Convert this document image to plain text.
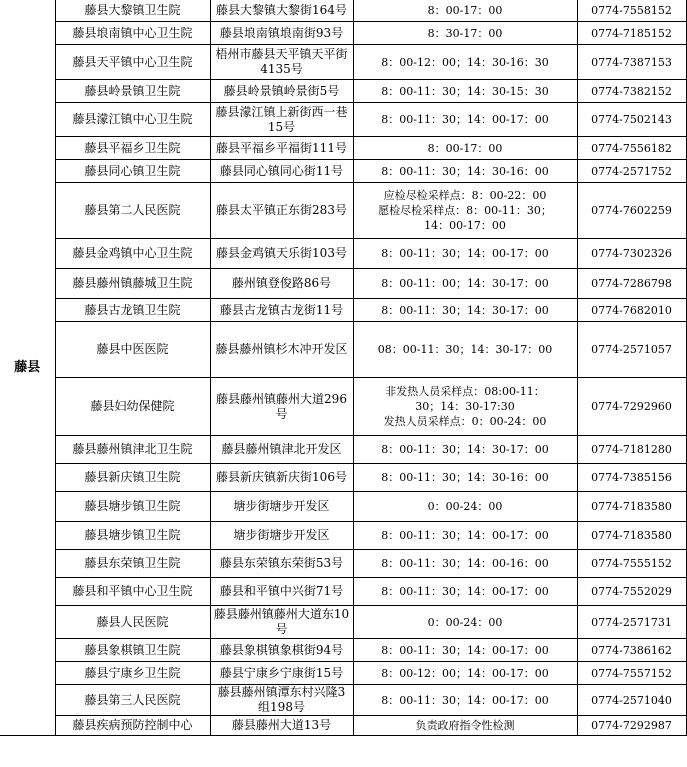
藤县	藤县大黎镇卫生院	藤县大黎镇大黎街164号	8：00-17：00	0774-7558152
	藤县埌南镇中心卫生院	藤县埌南镇埌南街93号	8：30-17：00	0774-7185152
	藤县天平镇中心卫生院	梧州市藤县天平镇天平街4135号	8：00-12：00；14：30-16：30	0774-7387153
	藤县岭景镇卫生院	藤县岭景镇岭景街5号	8：00-11：30；14：30-15：30	0774-7382152
	藤县濛江镇中心卫生院	藤县濛江镇上新街西一巷15号	8：00-11：30；14：00-17：00	0774-7502143
	藤县平福乡卫生院	藤县平福乡平福街111号	8：00-17：00	0774-7556182
	藤县同心镇卫生院	藤县同心镇同心街11号	8：00-11：30；14：30-16：00	0774-2571752
	藤县第二人民医院	藤县太平镇正东街283号	应检尽检采样点：8：00-22：00
愿检尽检采样点：8：00-11：30；
14：00-17：00	0774-7602259
	藤县金鸡镇中心卫生院	藤县金鸡镇天乐街103号	8：00-11：30；14：00-17：00	0774-7302326
	藤县藤州镇藤城卫生院	藤州镇登俊路86号	8：00-11：00；14：30-17：00	0774-7286798
	藤县古龙镇卫生院	藤县古龙镇古龙街11号	8：00-11：30；14：30-17：00	0774-7682010
	藤县中医医院	藤县藤州镇杉木冲开发区	08：00-11：30；14：30-17：00	0774-2571057
	藤县妇幼保健院	藤县藤州镇藤州大道296号	非发热人员采样点：08:00-11：
30；14：30-17:30
发热人员采样点：0：00-24：00	0774-7292960
	藤县藤州镇津北卫生院	藤县藤州镇津北开发区	8：00-11：30；14：30-17：00	0774-7181280
	藤县新庆镇卫生院	藤县新庆镇新庆街106号	8：00-11：30；14：30-16：00	0774-7385156
	藤县塘步镇卫生院	塘步街塘步开发区	0：00-24：00	0774-7183580
	藤县塘步镇卫生院	塘步街塘步开发区	8：00-11：30；14：00-17：00	0774-7183580
	藤县东荣镇卫生院	藤县东荣镇东荣街53号	8：00-11：30；14：00-16：00	0774-7555152
	藤县和平镇中心卫生院	藤县和平镇中兴街71号	8：00-11：30；14：00-17：00	0774-7552029
	藤县人民医院	藤县藤州镇藤州大道东10号	0：00-24：00	0774-2571731
	藤县象棋镇卫生院	藤县象棋镇象棋街94号	8：00-11：30；14：00-17：00	0774-7386162
	藤县宁康乡卫生院	藤县宁康乡宁康街15号	8：00-12：00；14：00-17：00	0774-7557152
	藤县第三人民医院	藤县藤州镇潭东村兴隆3组198号	8：00-11：30；14：00-17：00	0774-2571040
	藤县疾病预防控制中心	藤县藤州大道13号	负责政府指令性检测	0774-7292987
